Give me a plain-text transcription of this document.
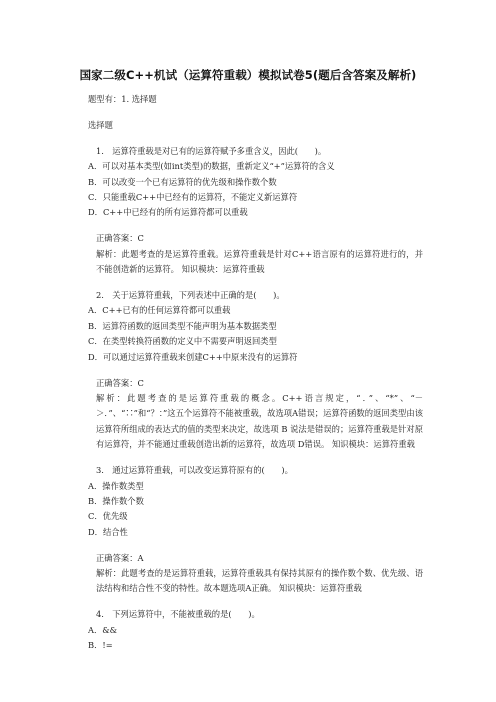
国家二级C++机试（运算符重载）模拟试卷5(题后含答案及解析)
题型有：1. 选择题
选择题
1.　运算符重载是对已有的运算符赋予多重含义，因此(　　)。
A．可以对基本类型(如int类型)的数据，重新定义“+”运算符的含义
B．可以改变一个已有运算符的优先级和操作数个数
C．只能重载C++中已经有的运算符，不能定义新运算符
D．C++中已经有的所有运算符都可以重载
正确答案：C
解析：此题考查的是运算符重载。运算符重载是针对C++语言原有的运算符进行的，并不能创造新的运算符。 知识模块：运算符重载
2.　关于运算符重载，下列表述中正确的是(　　)。
A．C++已有的任何运算符都可以重载
B．运算符函数的返回类型不能声明为基本数据类型
C．在类型转换符函数的定义中不需要声明返回类型
D．可以通过运算符重载来创建C++中原来没有的运算符
正确答案：C
解析：此题考查的是运算符重载的概念。C++语言规定，“．”、“*”、“－＞．”、“∷”和“？：”这五个运算符不能被重载，故选项A错误；运算符函数的返回类型由该运算符所组成的表达式的值的类型来决定，故选项 B 说法是错误的；运算符重载是针对原有运算符，并不能通过重载创造出新的运算符，故选项 D错误。 知识模块：运算符重载
3.　通过运算符重载，可以改变运算符原有的(　　)。
A．操作数类型
B．操作数个数
C．优先级
D．结合性
正确答案：A
解析：此题考查的是运算符重载，运算符重载具有保持其原有的操作数个数、优先级、语法结构和结合性不变的特性。故本题选项A正确。 知识模块：运算符重载
4.　下列运算符中，不能被重载的是(　　)。
A．&&
B．!=
